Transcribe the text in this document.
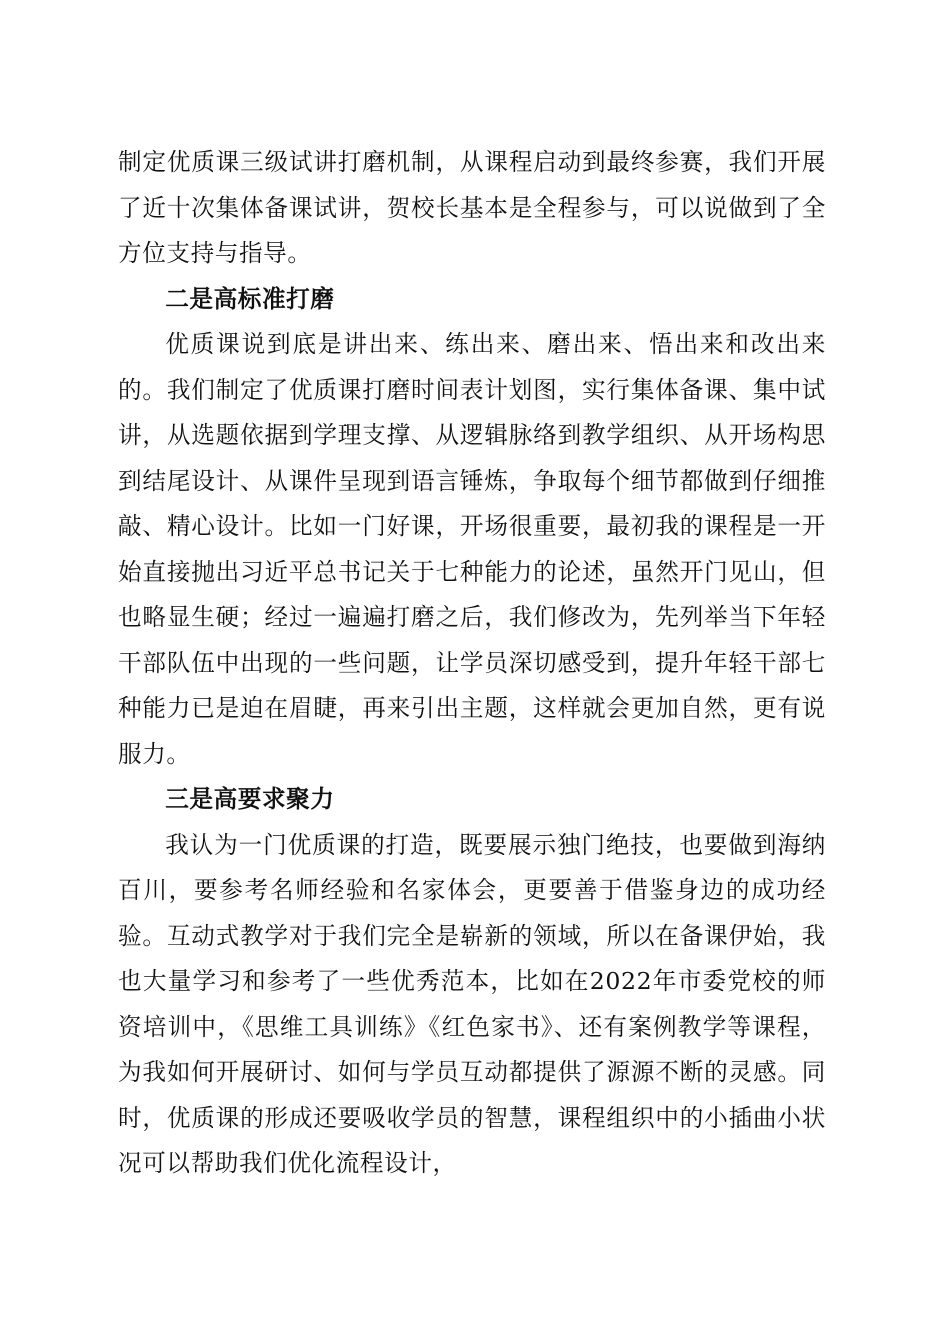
制定优质课三级试讲打磨机制，从课程启动到最终参赛，我们开展了近十次集体备课试讲，贺校长基本是全程参与，可以说做到了全方位支持与指导。

二是高标准打磨

优质课说到底是讲出来、练出来、磨出来、悟出来和改出来的。我们制定了优质课打磨时间表计划图，实行集体备课、集中试讲，从选题依据到学理支撑、从逻辑脉络到教学组织、从开场构思到结尾设计、从课件呈现到语言锤炼，争取每个细节都做到仔细推敲、精心设计。比如一门好课，开场很重要，最初我的课程是一开始直接抛出习近平总书记关于七种能力的论述，虽然开门见山，但也略显生硬；经过一遍遍打磨之后，我们修改为，先列举当下年轻干部队伍中出现的一些问题，让学员深切感受到，提升年轻干部七种能力已是迫在眉睫，再来引出主题，这样就会更加自然，更有说服力。

三是高要求聚力

我认为一门优质课的打造，既要展示独门绝技，也要做到海纳百川，要参考名师经验和名家体会，更要善于借鉴身边的成功经验。互动式教学对于我们完全是崭新的领域，所以在备课伊始，我也大量学习和参考了一些优秀范本，比如在2022年市委党校的师资培训中，《思维工具训练》《红色家书》、还有案例教学等课程，为我如何开展研讨、如何与学员互动都提供了源源不断的灵感。同时，优质课的形成还要吸收学员的智慧，课程组织中的小插曲小状况可以帮助我们优化流程设计，
